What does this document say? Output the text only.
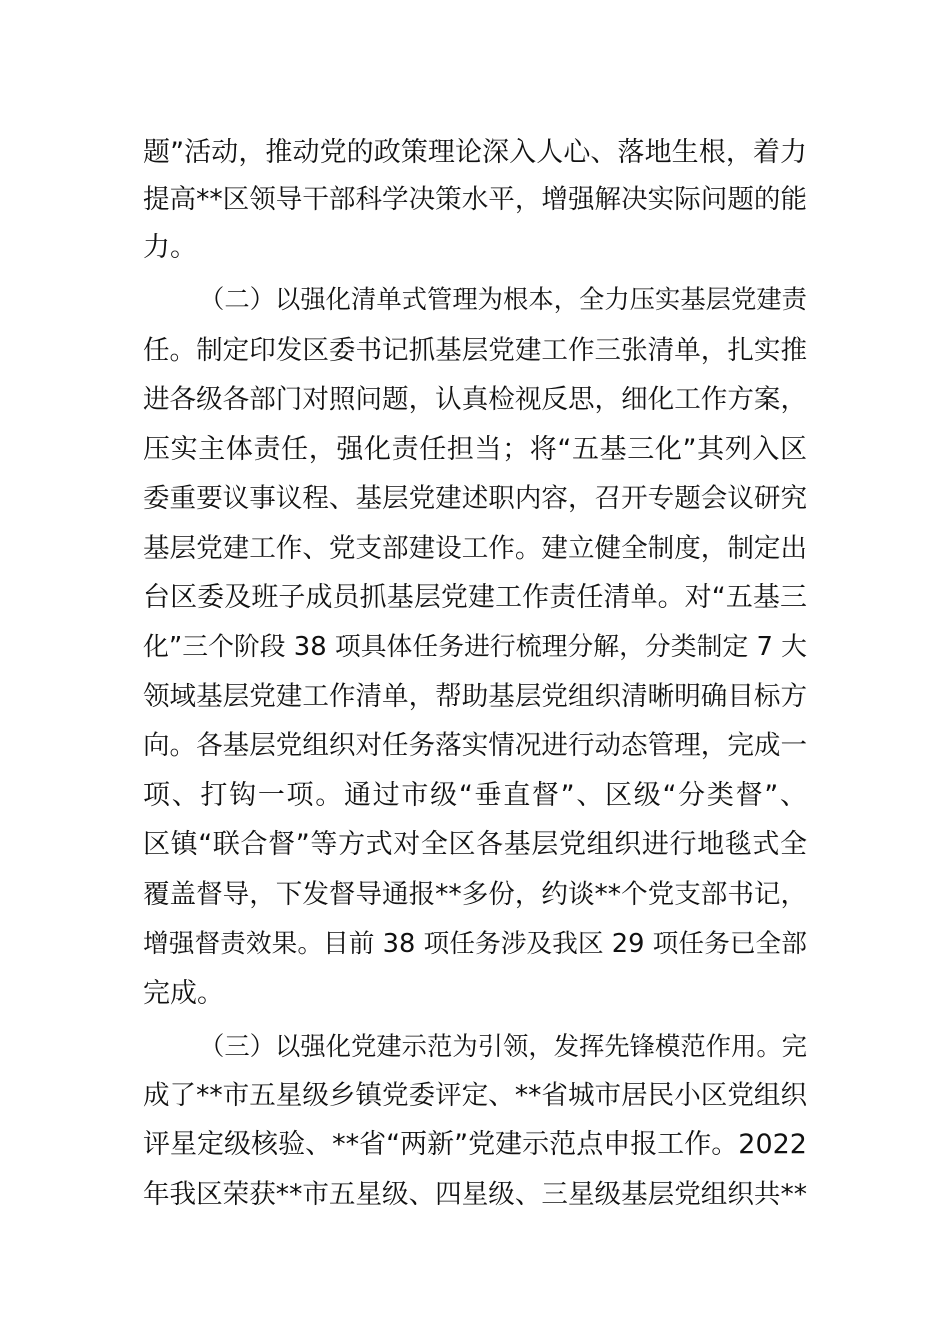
题”活动，推动党的政策理论深入人心、落地生根，着力
提高**区领导干部科学决策水平，增强解决实际问题的能
力。
（二）以强化清单式管理为根本，全力压实基层党建责
任。制定印发区委书记抓基层党建工作三张清单，扎实推
进各级各部门对照问题，认真检视反思，细化工作方案，
压实主体责任，强化责任担当；将“五基三化”其列入区
委重要议事议程、基层党建述职内容，召开专题会议研究
基层党建工作、党支部建设工作。建立健全制度，制定出
台区委及班子成员抓基层党建工作责任清单。对“五基三
化”三个阶段 38 项具体任务进行梳理分解，分类制定 7 大
领域基层党建工作清单，帮助基层党组织清晰明确目标方
向。各基层党组织对任务落实情况进行动态管理，完成一
项、打钩一项。通过市级“垂直督”、区级“分类督”、
区镇“联合督”等方式对全区各基层党组织进行地毯式全
覆盖督导，下发督导通报**多份，约谈**个党支部书记，
增强督责效果。目前 38 项任务涉及我区 29 项任务已全部
完成。
（三）以强化党建示范为引领，发挥先锋模范作用。完
成了**市五星级乡镇党委评定、**省城市居民小区党组织
评星定级核验、**省“两新”党建示范点申报工作。2022
年我区荣获**市五星级、四星级、三星级基层党组织共**
